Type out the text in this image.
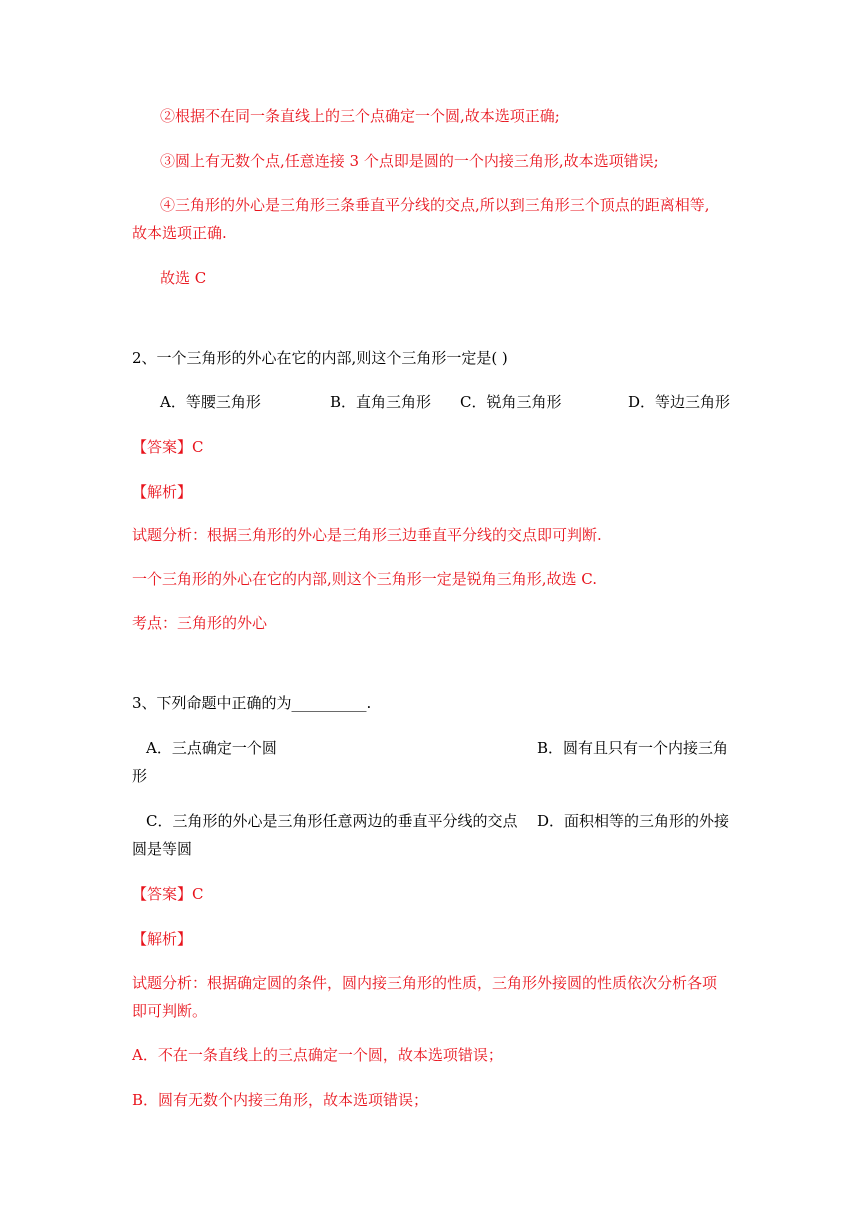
②根据不在同一条直线上的三个点确定一个圆,故本选项正确;
③圆上有无数个点,任意连接 3 个点即是圆的一个内接三角形,故本选项错误;
④三角形的外心是三角形三条垂直平分线的交点,所以到三角形三个顶点的距离相等,
故本选项正确.
故选 C
2、一个三角形的外心在它的内部,则这个三角形一定是( )
A．等腰三角形	B．直角三角形 C．锐角三角形	D．等边三角形
【答案】C
【解析】
试题分析：根据三角形的外心是三角形三边垂直平分线的交点即可判断.
一个三角形的外心在它的内部,则这个三角形一定是锐角三角形,故选 C.
考点：三角形的外心
3、下列命题中正确的为__________.
A．三点确定一个圆	B．圆有且只有一个内接三角
形
C．三角形的外心是三角形任意两边的垂直平分线的交点 D．面积相等的三角形的外接
圆是等圆
【答案】C
【解析】
试题分析：根据确定圆的条件，圆内接三角形的性质，三角形外接圆的性质依次分析各项
即可判断。
A．不在一条直线上的三点确定一个圆，故本选项错误；
B．圆有无数个内接三角形，故本选项错误；
